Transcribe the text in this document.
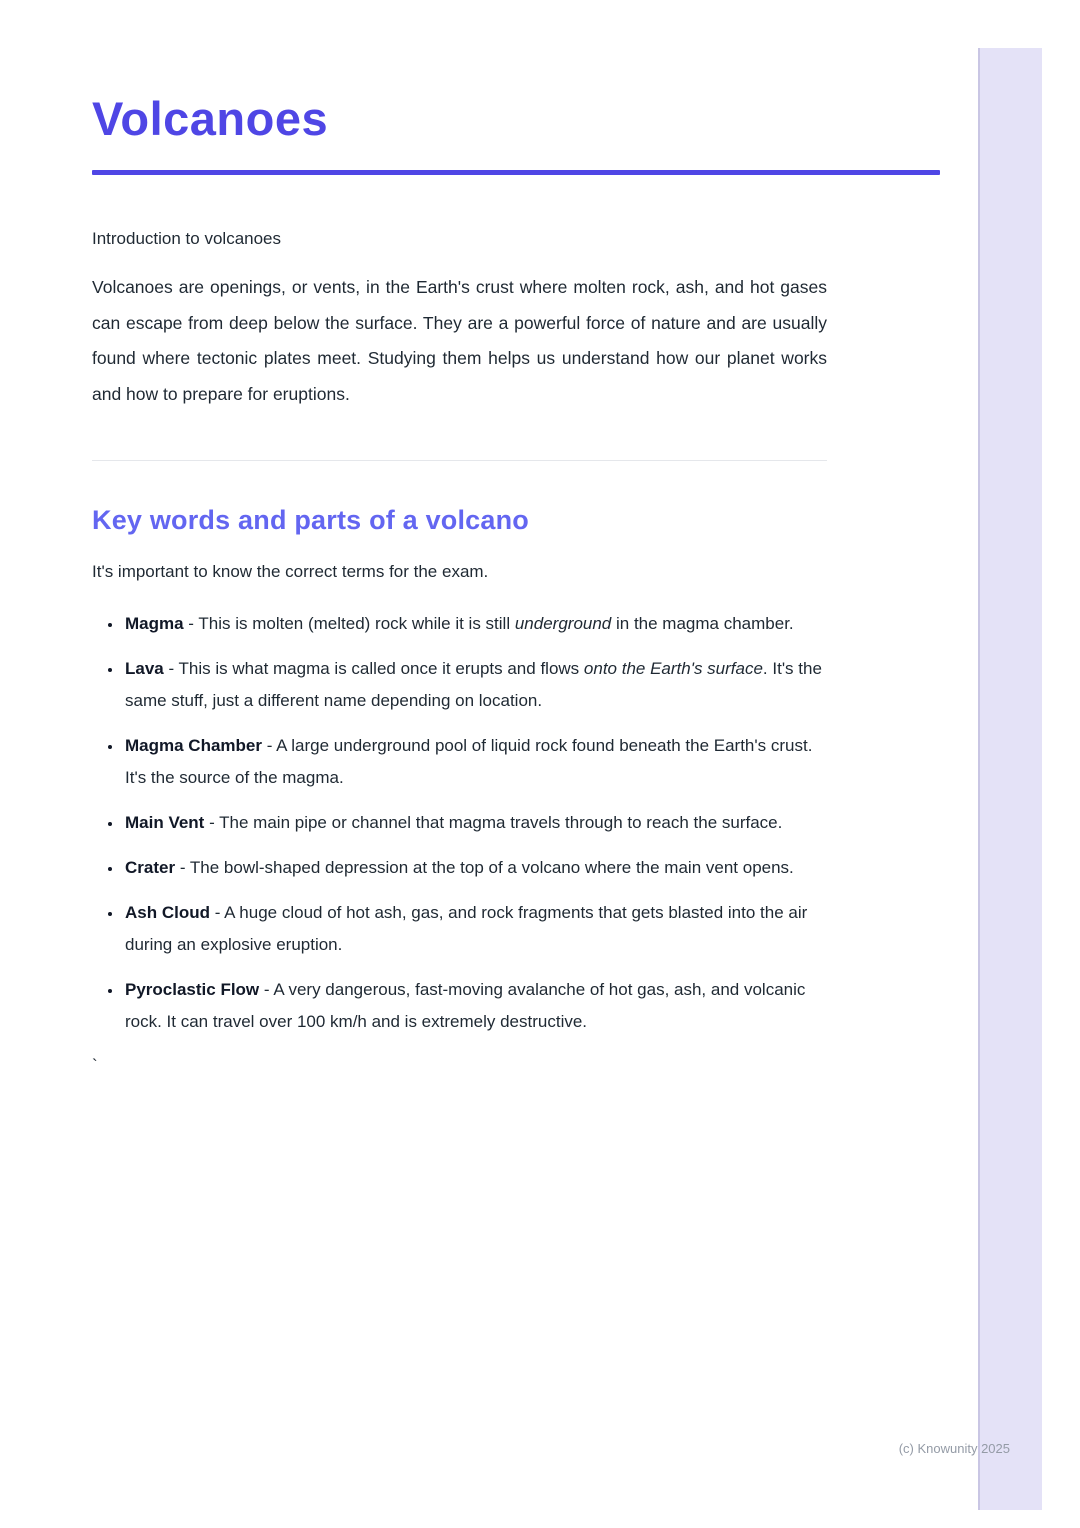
Volcanoes

Introduction to volcanoes

Volcanoes are openings, or vents, in the Earth's crust where molten rock, ash, and hot gases can escape from deep below the surface. They are a powerful force of nature and are usually found where tectonic plates meet. Studying them helps us understand how our planet works and how to prepare for eruptions.

Key words and parts of a volcano

It's important to know the correct terms for the exam.

• Magma - This is molten (melted) rock while it is still underground in the magma chamber.
• Lava - This is what magma is called once it erupts and flows onto the Earth's surface. It's the same stuff, just a different name depending on location.
• Magma Chamber - A large underground pool of liquid rock found beneath the Earth's crust. It's the source of the magma.
• Main Vent - The main pipe or channel that magma travels through to reach the surface.
• Crater - The bowl-shaped depression at the top of a volcano where the main vent opens.
• Ash Cloud - A huge cloud of hot ash, gas, and rock fragments that gets blasted into the air during an explosive eruption.
• Pyroclastic Flow - A very dangerous, fast-moving avalanche of hot gas, ash, and volcanic rock. It can travel over 100 km/h and is extremely destructive.

`

(c) Knowunity 2025
